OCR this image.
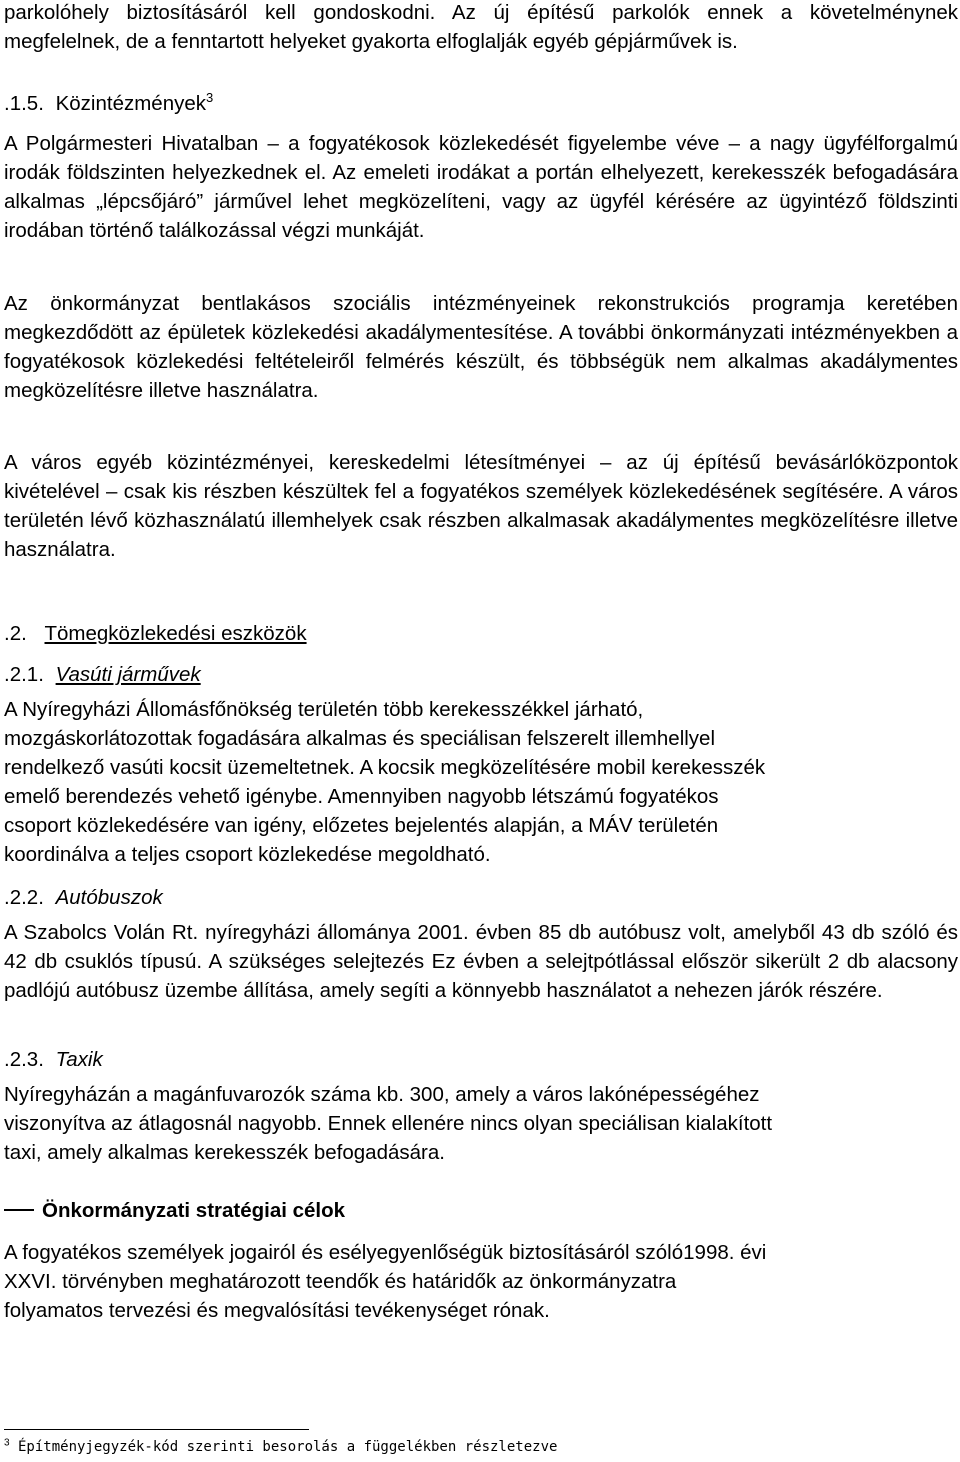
parkolóhely biztosításáról kell gondoskodni. Az új építésű parkolók ennek a követelménynek megfelelnek, de a fenntartott helyeket gyakorta elfoglalják egyéb gépjárművek is.
.1.5. Közintézmények$^3$
A Polgármesteri Hivatalban – a fogyatékosok közlekedését figyelembe véve – a nagy ügyfélforgalmú irodák földszinten helyezkednek el. Az emeleti irodákat a portán elhelyezett, kerekesszék befogadására alkalmas „lépcsőjáró” járművel lehet megközelíteni, vagy az ügyfél kérésére az ügyintéző földszinti irodában történő találkozással végzi munkáját.
Az önkormányzat bentlakásos szociális intézményeinek rekonstrukciós programja keretében megkezdődött az épületek közlekedési akadálymentesítése. A további önkormányzati intézményekben a fogyatékosok közlekedési feltételeiről felmérés készült, és többségük nem alkalmas akadálymentes megközelítésre illetve használatra.
A város egyéb közintézményei, kereskedelmi létesítményei – az új építésű bevásárlóközpontok kivételével – csak kis részben készültek fel a fogyatékos személyek közlekedésének segítésére. A város területén lévő közhasználatú illemhelyek csak részben alkalmasak akadálymentes megközelítésre illetve használatra.
.2. Tömegközlekedési eszközök
.2.1. Vasúti járművek
A Nyíregyházi Állomásfőnökség területén több kerekesszékkel járható,
mozgáskorlátozottak fogadására alkalmas és speciálisan felszerelt illemhellyel
rendelkező vasúti kocsit üzemeltetnek. A kocsik megközelítésére mobil kerekesszék
emelő berendezés vehető igénybe. Amennyiben nagyobb létszámú fogyatékos
csoport közlekedésére van igény, előzetes bejelentés alapján, a MÁV területén
koordinálva a teljes csoport közlekedése megoldható.
.2.2. Autóbuszok
A Szabolcs Volán Rt. nyíregyházi állománya 2001. évben 85 db autóbusz volt, amelyből 43 db szóló és 42 db csuklós típusú. A szükséges selejtezés Ez évben a selejtpótlással először sikerült 2 db alacsony padlójú autóbusz üzembe állítása, amely segíti a könnyebb használatot a nehezen járók részére.
.2.3. Taxik
Nyíregyházán a magánfuvarozók száma kb. 300, amely a város lakónépességéhez
viszonyítva az átlagosnál nagyobb. Ennek ellenére nincs olyan speciálisan kialakított
taxi, amely alkalmas kerekesszék befogadására.
Önkormányzati stratégiai célok
A fogyatékos személyek jogairól és esélyegyenlőségük biztosításáról szóló1998. évi
XXVI. törvényben meghatározott teendők és határidők az önkormányzatra
folyamatos tervezési és megvalósítási tevékenységet rónak.
$^3$ Építményjegyzék-kód szerinti besorolás a függelékben részletezve
